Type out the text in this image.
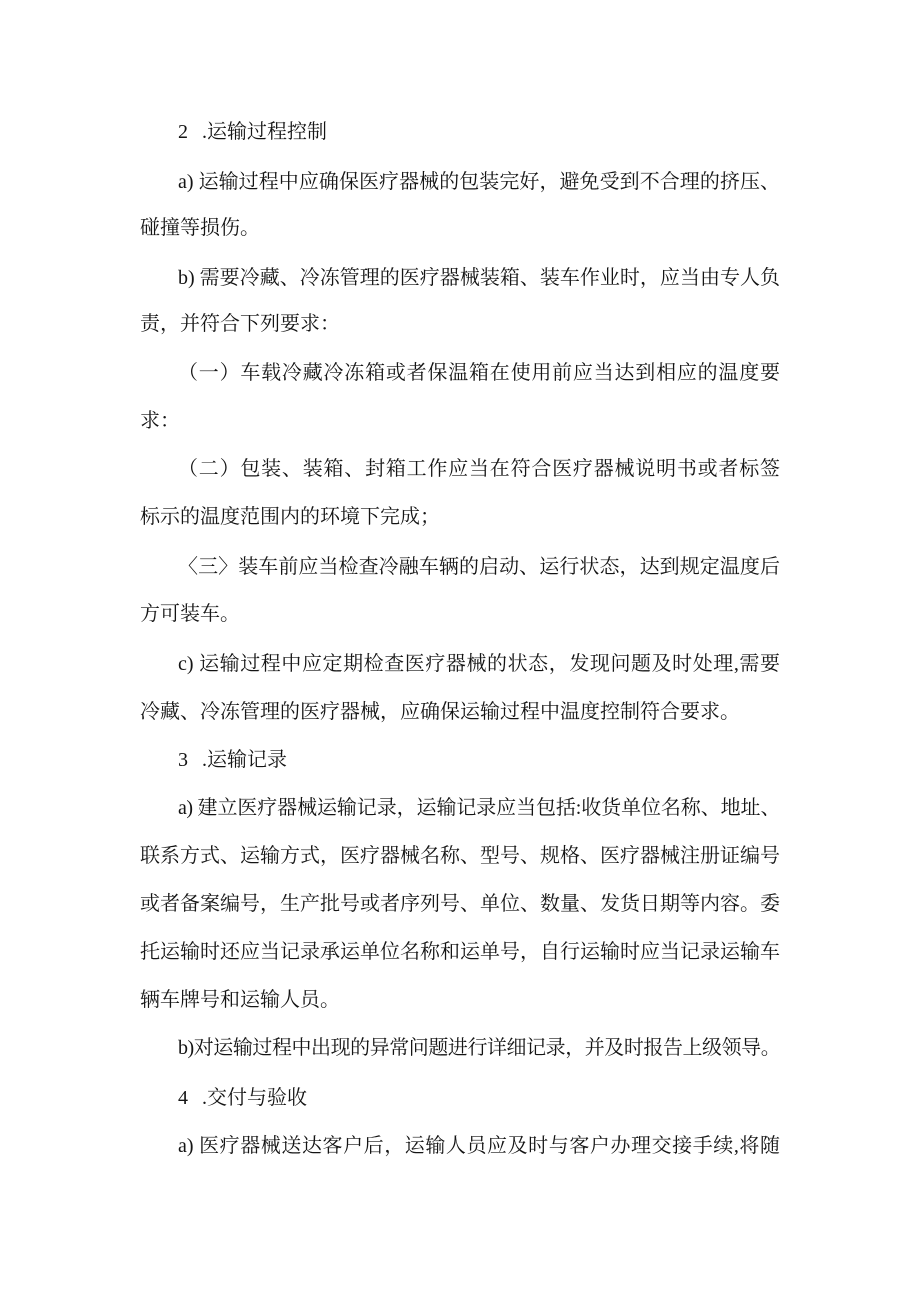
2 .运输过程控制
a) 运输过程中应确保医疗器械的包装完好，避免受到不合理的挤压、
碰撞等损伤。
b) 需要冷藏、冷冻管理的医疗器械装箱、装车作业时，应当由专人负
责，并符合下列要求：
（一）车载冷藏冷冻箱或者保温箱在使用前应当达到相应的温度要
求：
（二）包装、装箱、封箱工作应当在符合医疗器械说明书或者标签
标示的温度范围内的环境下完成；
〈三〉装车前应当检查冷融车辆的启动、运行状态，达到规定温度后
方可装车。
c) 运输过程中应定期检查医疗器械的状态，发现问题及时处理,需要
冷藏、冷冻管理的医疗器械，应确保运输过程中温度控制符合要求。
3 .运输记录
a) 建立医疗器械运输记录，运输记录应当包括:收货单位名称、地址、
联系方式、运输方式，医疗器械名称、型号、规格、医疗器械注册证编号
或者备案编号，生产批号或者序列号、单位、数量、发货日期等内容。委
托运输时还应当记录承运单位名称和运单号，自行运输时应当记录运输车
辆车牌号和运输人员。
b)对运输过程中出现的异常问题进行详细记录，并及时报告上级领导。
4 .交付与验收
a) 医疗器械送达客户后，运输人员应及时与客户办理交接手续,将随
